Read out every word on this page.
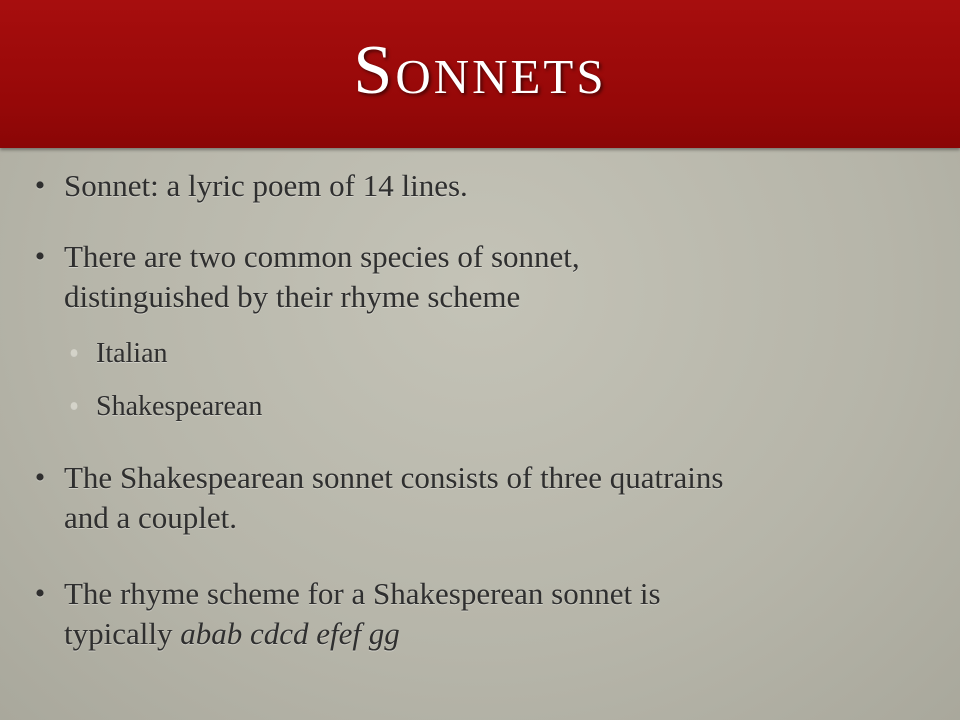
Sonnets
• Sonnet: a lyric poem of 14 lines.
• There are two common species of sonnet,
distinguished by their rhyme scheme
• Italian
• Shakespearean
• The Shakespearean sonnet consists of three quatrains
and a couplet.
• The rhyme scheme for a Shakesperean sonnet is
typically abab cdcd efef gg
